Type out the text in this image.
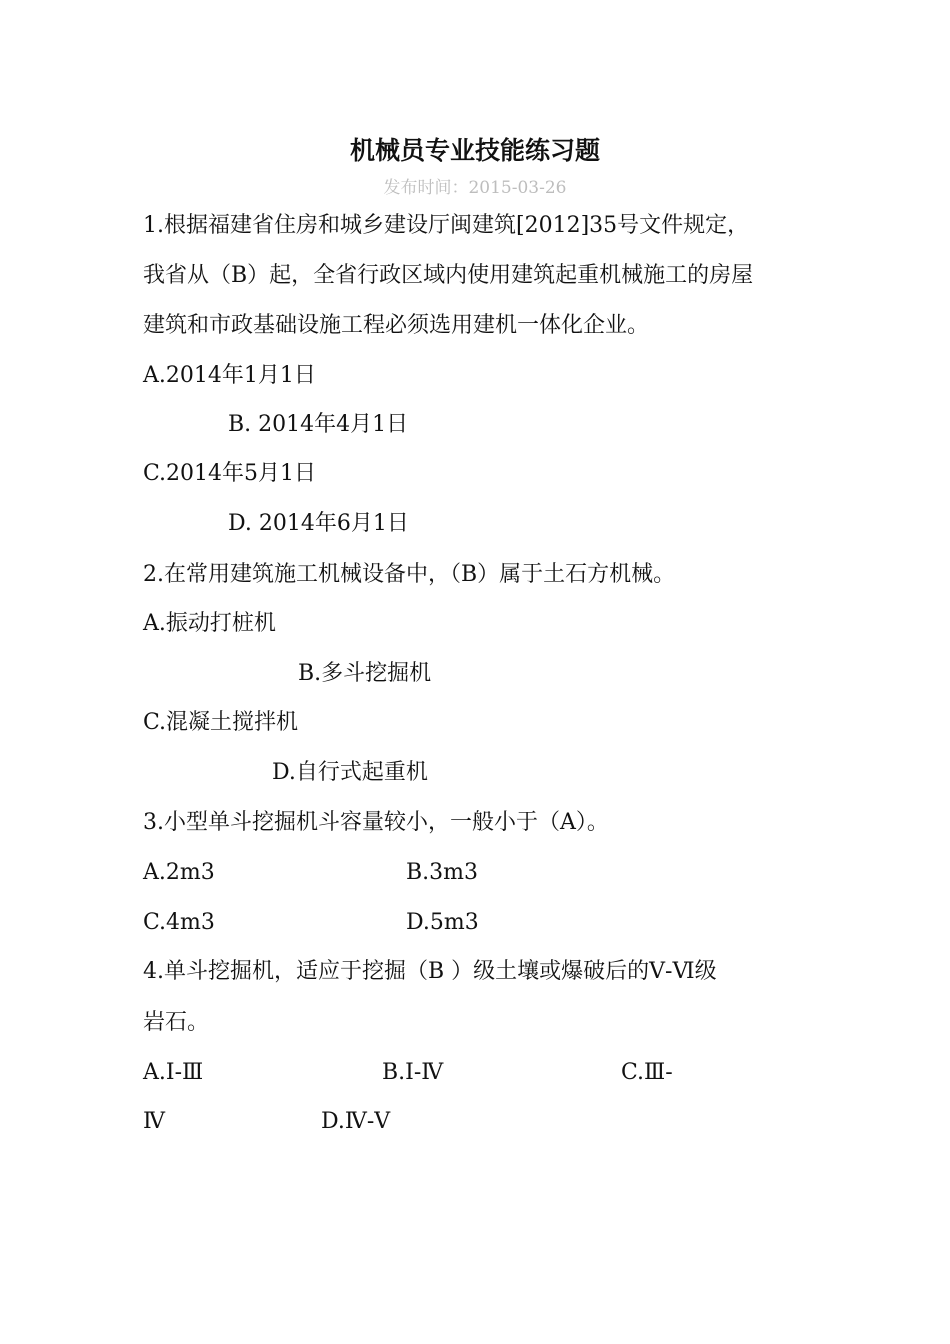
机械员专业技能练习题
发布时间：2015-03-26
1.根据福建省住房和城乡建设厅闽建筑[2012]35号文件规定，
我省从（B）起，全省行政区域内使用建筑起重机械施工的房屋
建筑和市政基础设施工程必须选用建机一体化企业。
A.2014年1月1日
B. 2014年4月1日
C.2014年5月1日
D. 2014年6月1日
2.在常用建筑施工机械设备中，（B）属于土石方机械。
A.振动打桩机
B.多斗挖掘机
C.混凝土搅拌机
D.自行式起重机
3.小型单斗挖掘机斗容量较小，一般小于（A）。
A.2m3	B.3m3
C.4m3	D.5m3
4.单斗挖掘机，适应于挖掘（B ）级土壤或爆破后的Ⅴ-Ⅵ级
岩石。
A.Ⅰ-Ⅲ	B.Ⅰ-Ⅳ	C.Ⅲ-
Ⅳ	D.Ⅳ-Ⅴ
